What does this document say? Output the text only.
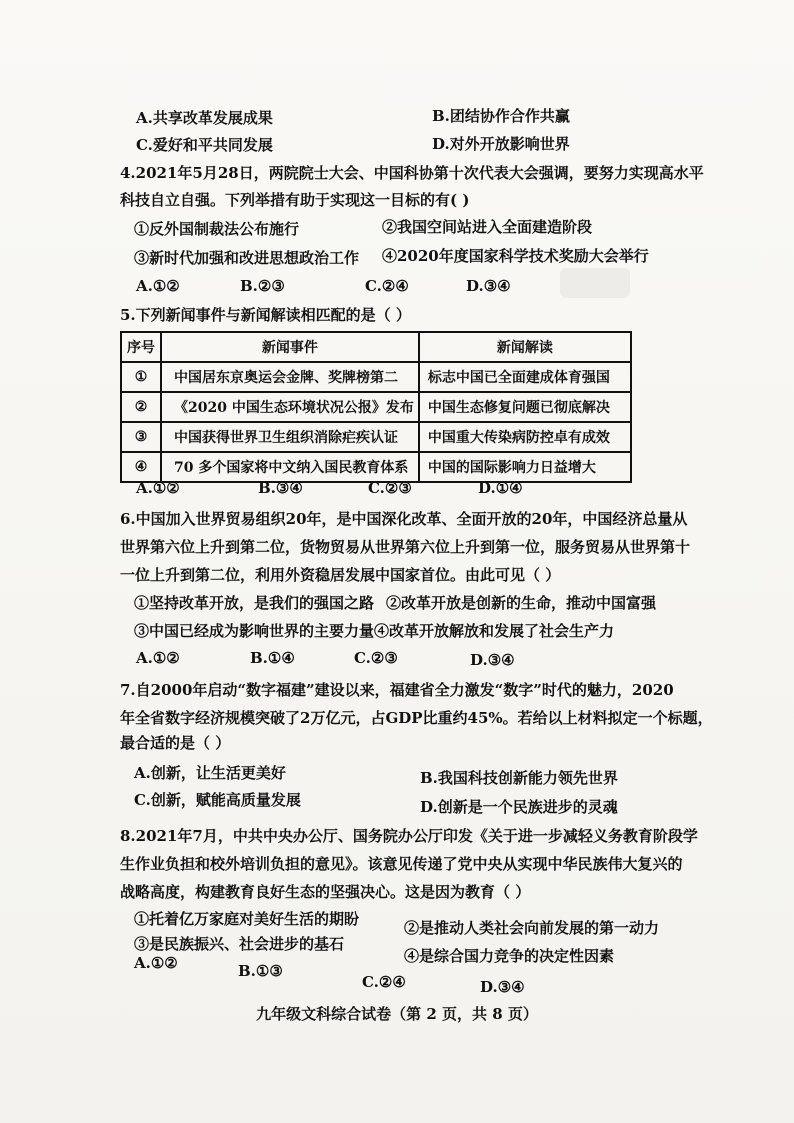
A.共享改革发展成果	B.团结协作合作共赢
C.爱好和平共同发展	D.对外开放影响世界
4.2021年5月28日，两院院士大会、中国科协第十次代表大会强调，要努力实现高水平
科技自立自强。下列举措有助于实现这一目标的有( )
①反外国制裁法公布施行	②我国空间站进入全面建造阶段
③新时代加强和改进思想政治工作 ④2020年度国家科学技术奖励大会举行
A.①②	B.②③	C.②④	D.③④
5.下列新闻事件与新闻解读相匹配的是（ ）
序号	新闻事件	新闻解读
①	中国居东京奥运会金牌、奖牌榜第二	标志中国已全面建成体育强国
②	《2020 中国生态环境状况公报》发布	中国生态修复问题已彻底解决
③	中国获得世界卫生组织消除疟疾认证	中国重大传染病防控卓有成效
④	70 多个国家将中文纳入国民教育体系	中国的国际影响力日益增大
A.①②	B.③④	C.②③	D.①④
6.中国加入世界贸易组织20年，是中国深化改革、全面开放的20年，中国经济总量从
世界第六位上升到第二位，货物贸易从世界第六位上升到第一位，服务贸易从世界第十
一位上升到第二位，利用外资稳居发展中国家首位。由此可见（ ）
①坚持改革开放，是我们的强国之路 ②改革开放是创新的生命，推动中国富强
③中国已经成为影响世界的主要力量 ④改革开放解放和发展了社会生产力
A.①②	B.①④	C.②③	D.③④
7.自2000年启动“数字福建”建设以来，福建省全力激发“数字”时代的魅力，2020
年全省数字经济规模突破了2万亿元，占GDP比重约45%。若给以上材料拟定一个标题，
最合适的是（ ）
A.创新，让生活更美好	B.我国科技创新能力领先世界
C.创新，赋能高质量发展	D.创新是一个民族进步的灵魂
8.2021年7月，中共中央办公厅、国务院办公厅印发《关于进一步减轻义务教育阶段学
生作业负担和校外培训负担的意见》。该意见传递了党中央从实现中华民族伟大复兴的
战略高度，构建教育良好生态的坚强决心。这是因为教育（ ）
①托着亿万家庭对美好生活的期盼	②是推动人类社会向前发展的第一动力
③是民族振兴、社会进步的基石
④是综合国力竞争的决定性因素
A.①②	B.①③
C.②④	D.③④
九年级文科综合试卷（第 2 页，共 8 页）
